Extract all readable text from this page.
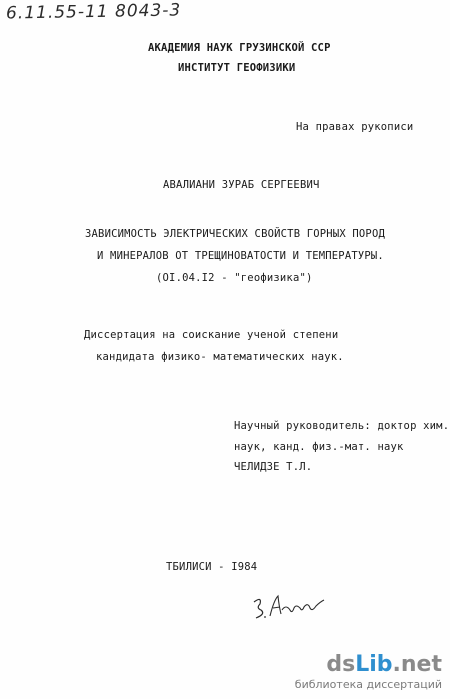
6.11.55-11 8043-3
АКАДЕМИЯ НАУК ГРУЗИНСКОЙ ССР
ИНСТИТУТ ГЕОФИЗИКИ
На правах рукописи
АВАЛИАНИ ЗУРАБ СЕРГЕЕВИЧ
ЗАВИСИМОСТЬ ЭЛЕКТРИЧЕСКИХ СВОЙСТВ ГОРНЫХ ПОРОД
И МИНЕРАЛОВ ОТ ТРЕЩИНОВАТОСТИ И ТЕМПЕРАТУРЫ.
(OI.04.I2 - "геофизика")
Диссертация на соискание ученой степени
кандидата физико- математических наук.
Научный руководитель: доктор хим.
наук, канд. физ.-мат. наук
ЧЕЛИДЗЕ Т.Л.
ТБИЛИСИ - I984
dsLib.net
библиотека диссертаций
